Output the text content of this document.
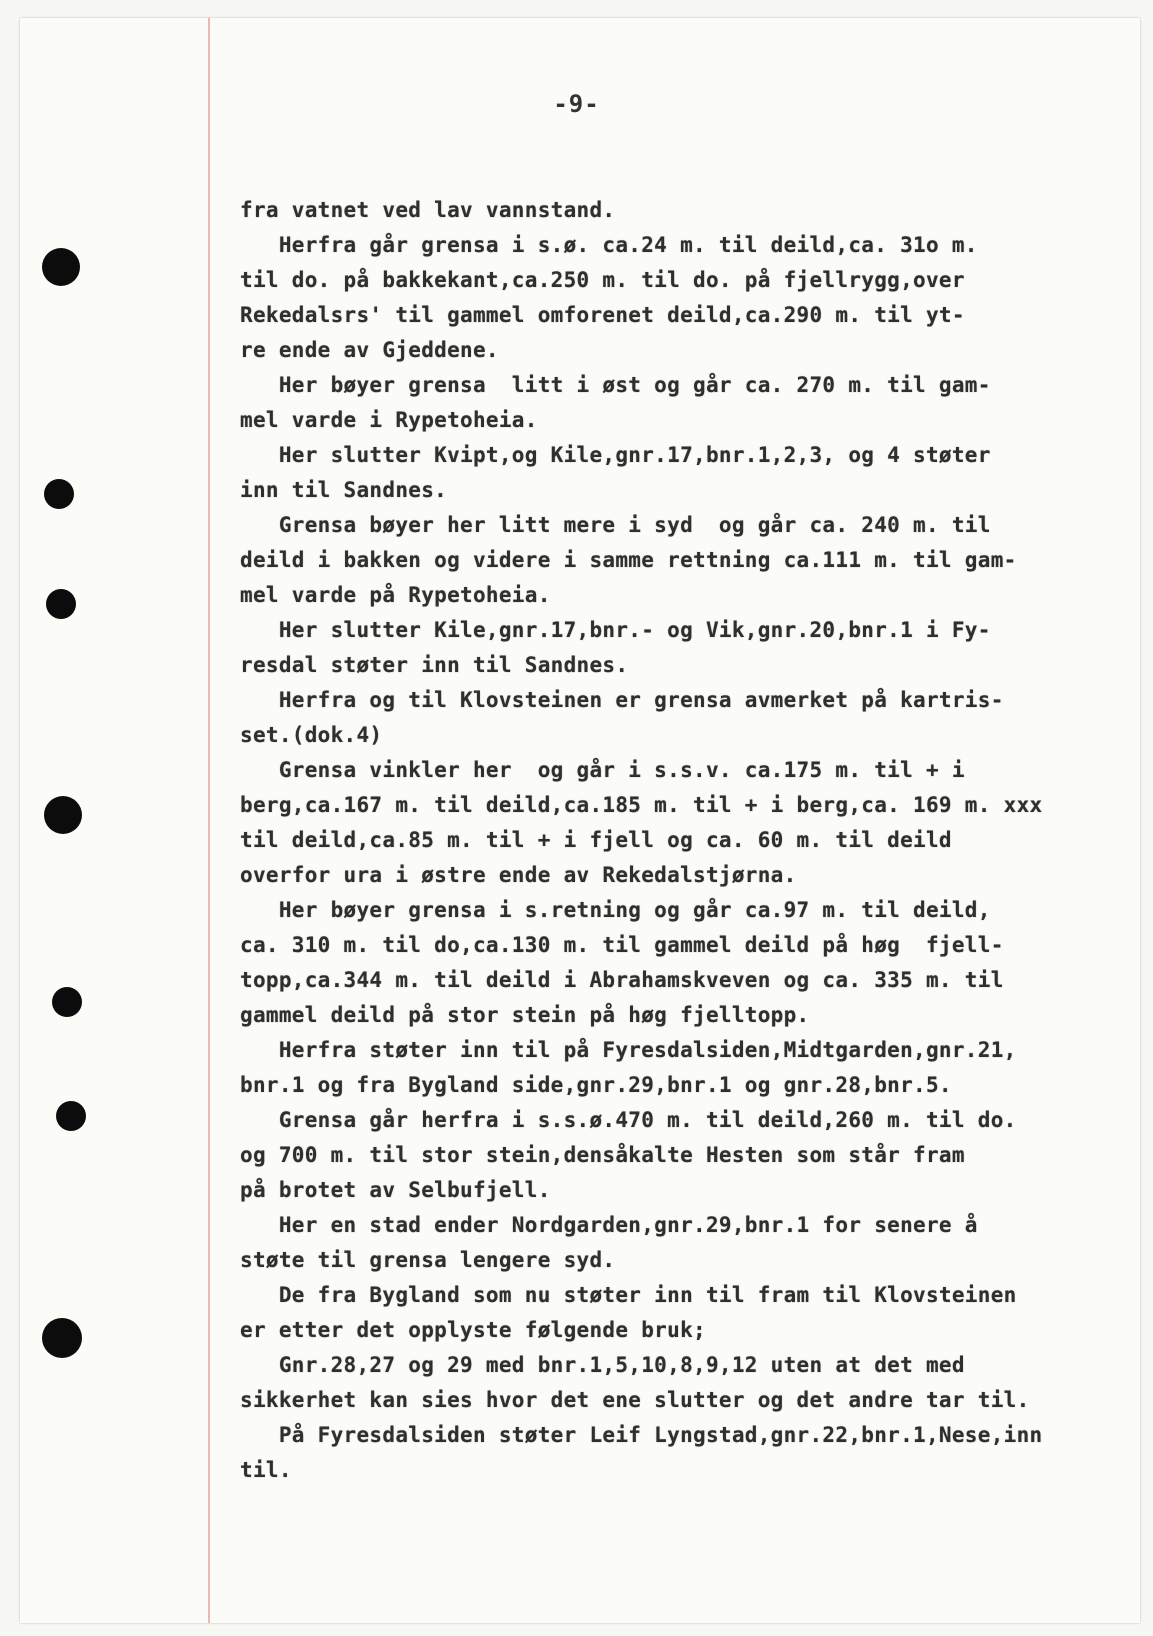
-9-
fra vatnet ved lav vannstand.
Herfra går grensa i s.ø. ca.24 m. til deild,ca. 31o m.
til do. på bakkekant,ca.250 m. til do. på fjellrygg,over
Rekedalsrs' til gammel omforenet deild,ca.290 m. til yt-
re ende av Gjeddene.
Her bøyer grensa  litt i øst og går ca. 270 m. til gam-
mel varde i Rypetoheia.
Her slutter Kvipt,og Kile,gnr.17,bnr.1,2,3, og 4 støter
inn til Sandnes.
Grensa bøyer her litt mere i syd  og går ca. 240 m. til
deild i bakken og videre i samme rettning ca.111 m. til gam-
mel varde på Rypetoheia.
Her slutter Kile,gnr.17,bnr.- og Vik,gnr.20,bnr.1 i Fy-
resdal støter inn til Sandnes.
Herfra og til Klovsteinen er grensa avmerket på kartris-
set.(dok.4)
Grensa vinkler her  og går i s.s.v. ca.175 m. til + i
berg,ca.167 m. til deild,ca.185 m. til + i berg,ca. 169 m. xxx
til deild,ca.85 m. til + i fjell og ca. 60 m. til deild
overfor ura i østre ende av Rekedalstjørna.
Her bøyer grensa i s.retning og går ca.97 m. til deild,
ca. 310 m. til do,ca.130 m. til gammel deild på høg  fjell-
topp,ca.344 m. til deild i Abrahamskveven og ca. 335 m. til
gammel deild på stor stein på høg fjelltopp.
Herfra støter inn til på Fyresdalsiden,Midtgarden,gnr.21,
bnr.1 og fra Bygland side,gnr.29,bnr.1 og gnr.28,bnr.5.
Grensa går herfra i s.s.ø.470 m. til deild,260 m. til do.
og 700 m. til stor stein,densåkalte Hesten som står fram
på brotet av Selbufjell.
Her en stad ender Nordgarden,gnr.29,bnr.1 for senere å
støte til grensa lengere syd.
De fra Bygland som nu støter inn til fram til Klovsteinen
er etter det opplyste følgende bruk;
Gnr.28,27 og 29 med bnr.1,5,10,8,9,12 uten at det med
sikkerhet kan sies hvor det ene slutter og det andre tar til.
På Fyresdalsiden støter Leif Lyngstad,gnr.22,bnr.1,Nese,inn
til.
